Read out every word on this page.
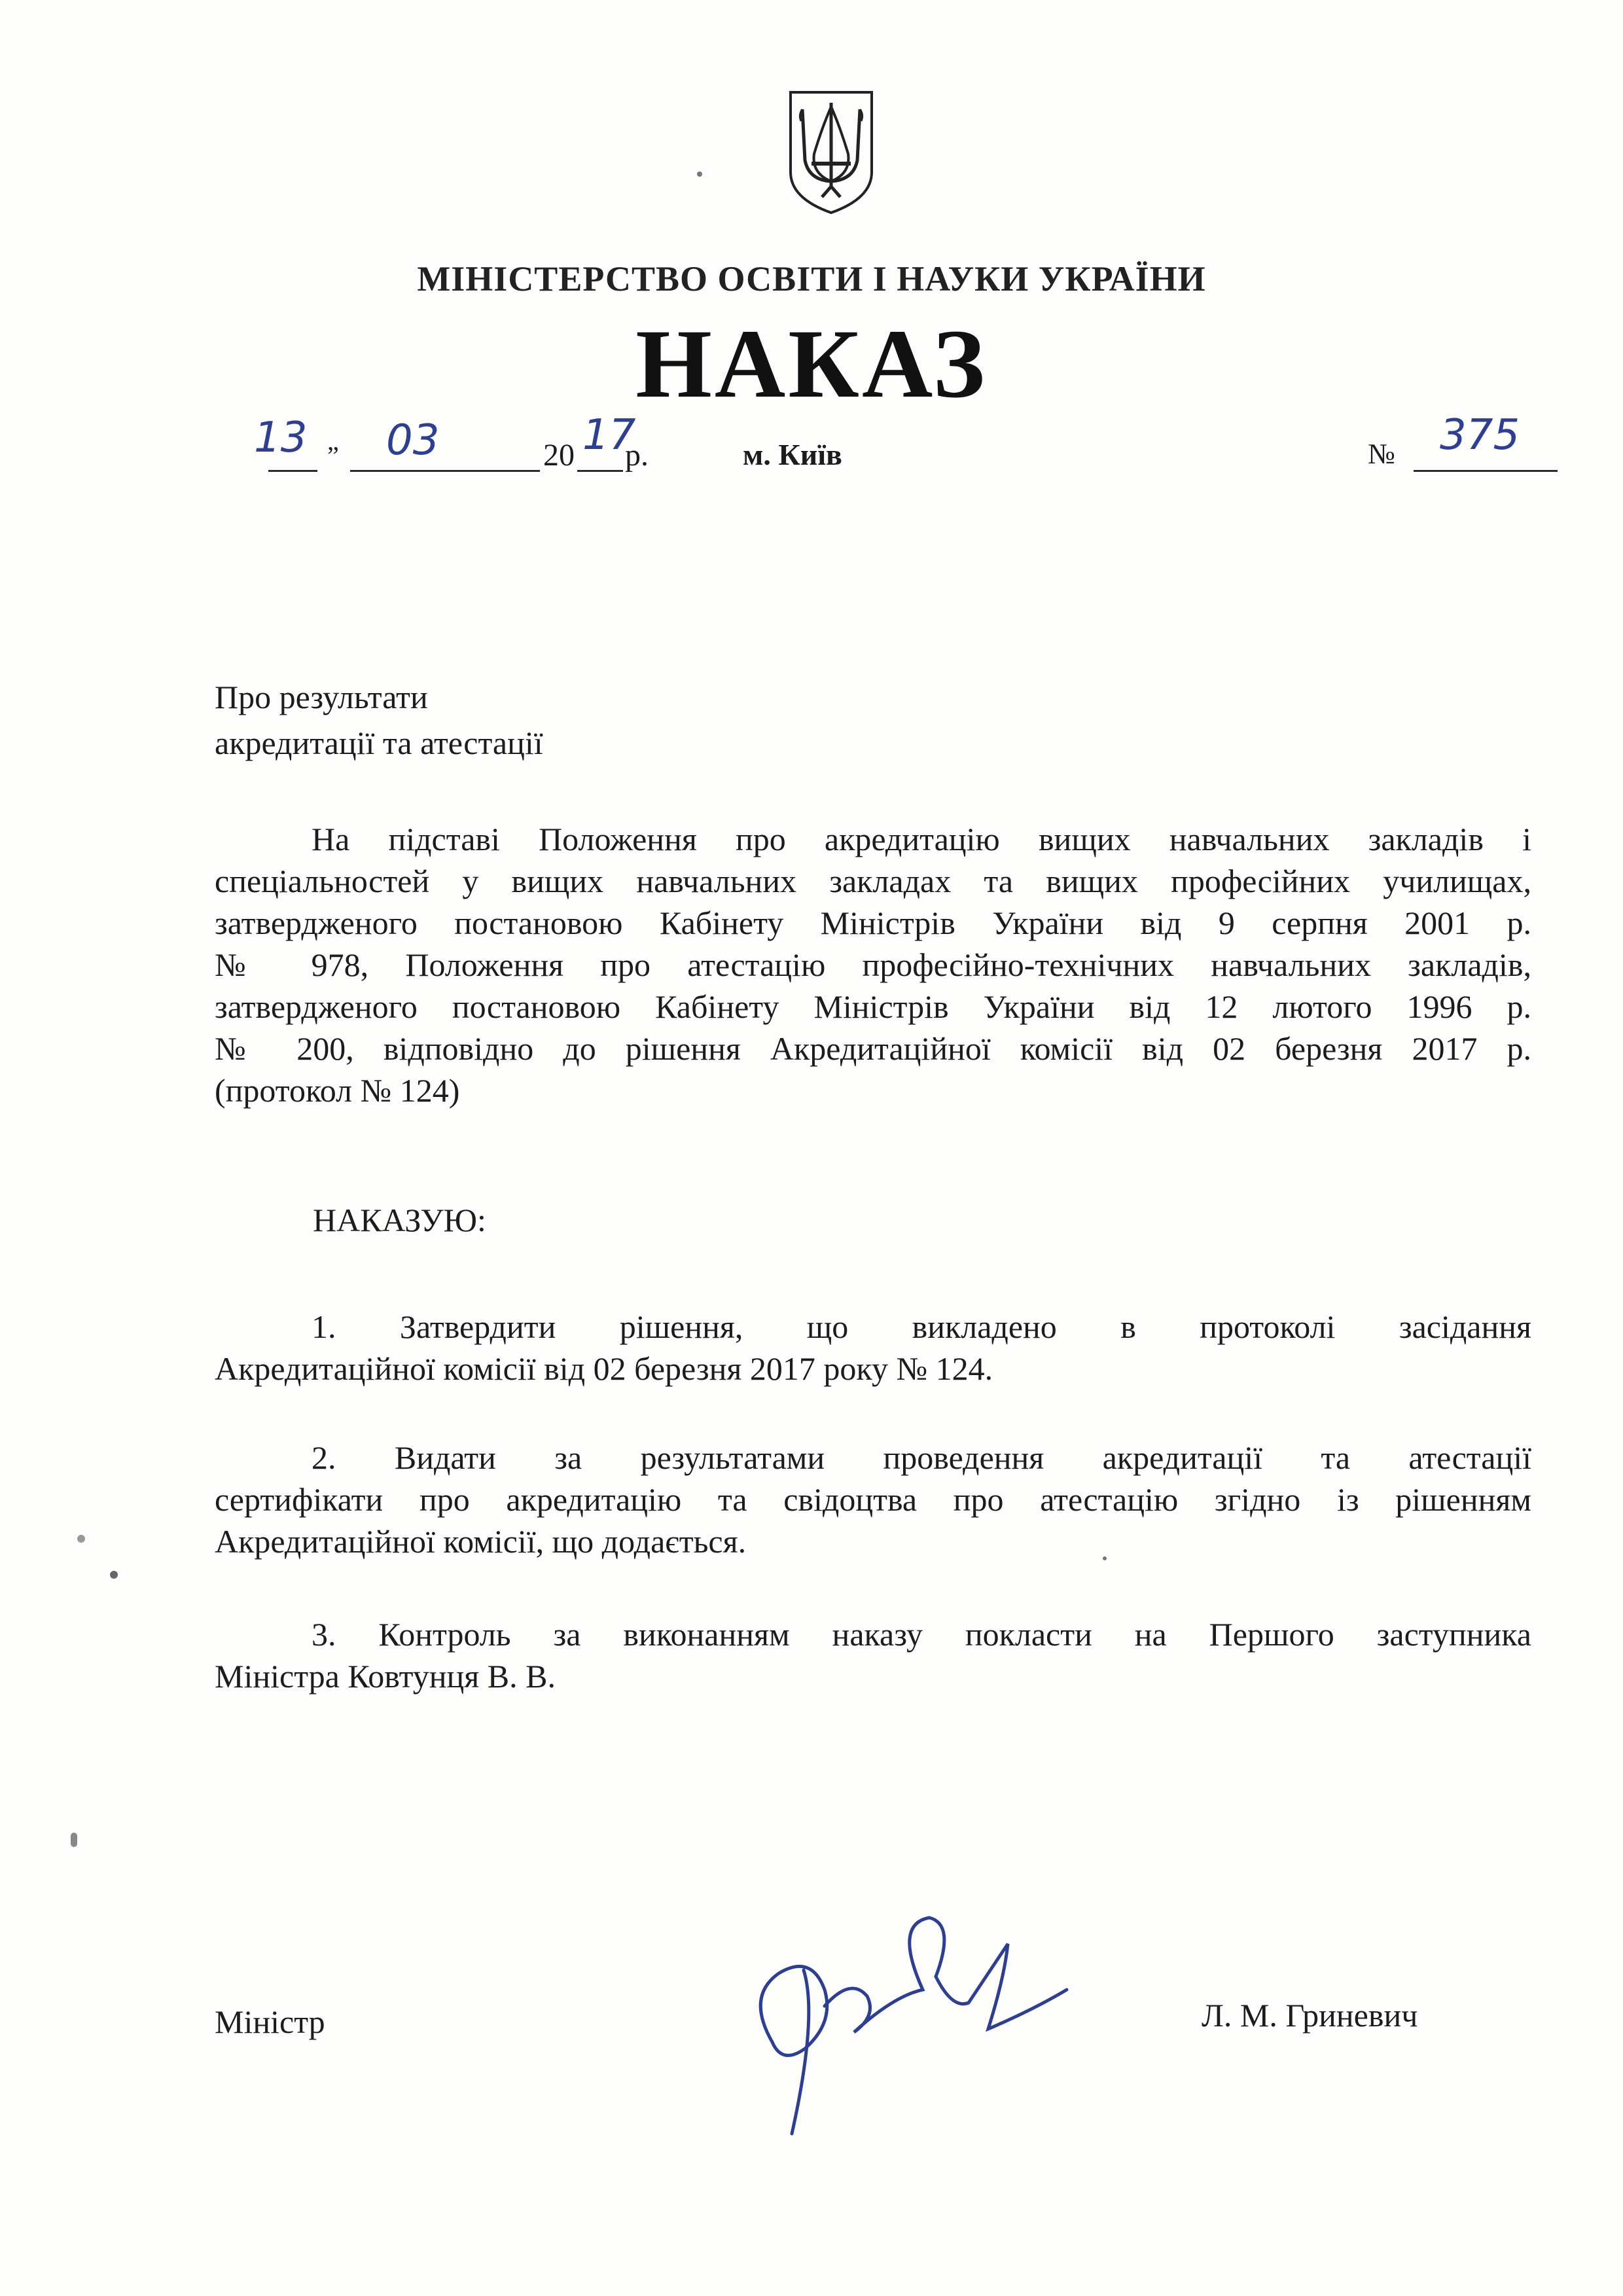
МІНІСТЕРСТВО ОСВІТИ І НАУКИ УКРАЇНИ
НАКАЗ
13 „ 03	20 17
р.	м. Київ	№ 375
Про результати
акредитації та атестації
На підставі Положення про акредитацію вищих навчальних закладів і
спеціальностей у вищих навчальних закладах та вищих професійних училищах,
затвердженого постановою Кабінету Міністрів України від 9 серпня 2001 р.
№ 978, Положення про атестацію професійно-технічних навчальних закладів,
затвердженого постановою Кабінету Міністрів України від 12 лютого 1996 р.
№ 200, відповідно до рішення Акредитаційної комісії від 02 березня 2017 р.
(протокол № 124)
НАКАЗУЮ:
1. Затвердити рішення, що викладено в протоколі засідання
Акредитаційної комісії від 02 березня 2017 року № 124.
2. Видати за результатами проведення акредитації та атестації
сертифікати про акредитацію та свідоцтва про атестацію згідно із рішенням
Акредитаційної комісії, що додається.
3. Контроль за виконанням наказу покласти на Першого заступника
Міністра Ковтунця В. В.
Міністр	Л. М. Гриневич
